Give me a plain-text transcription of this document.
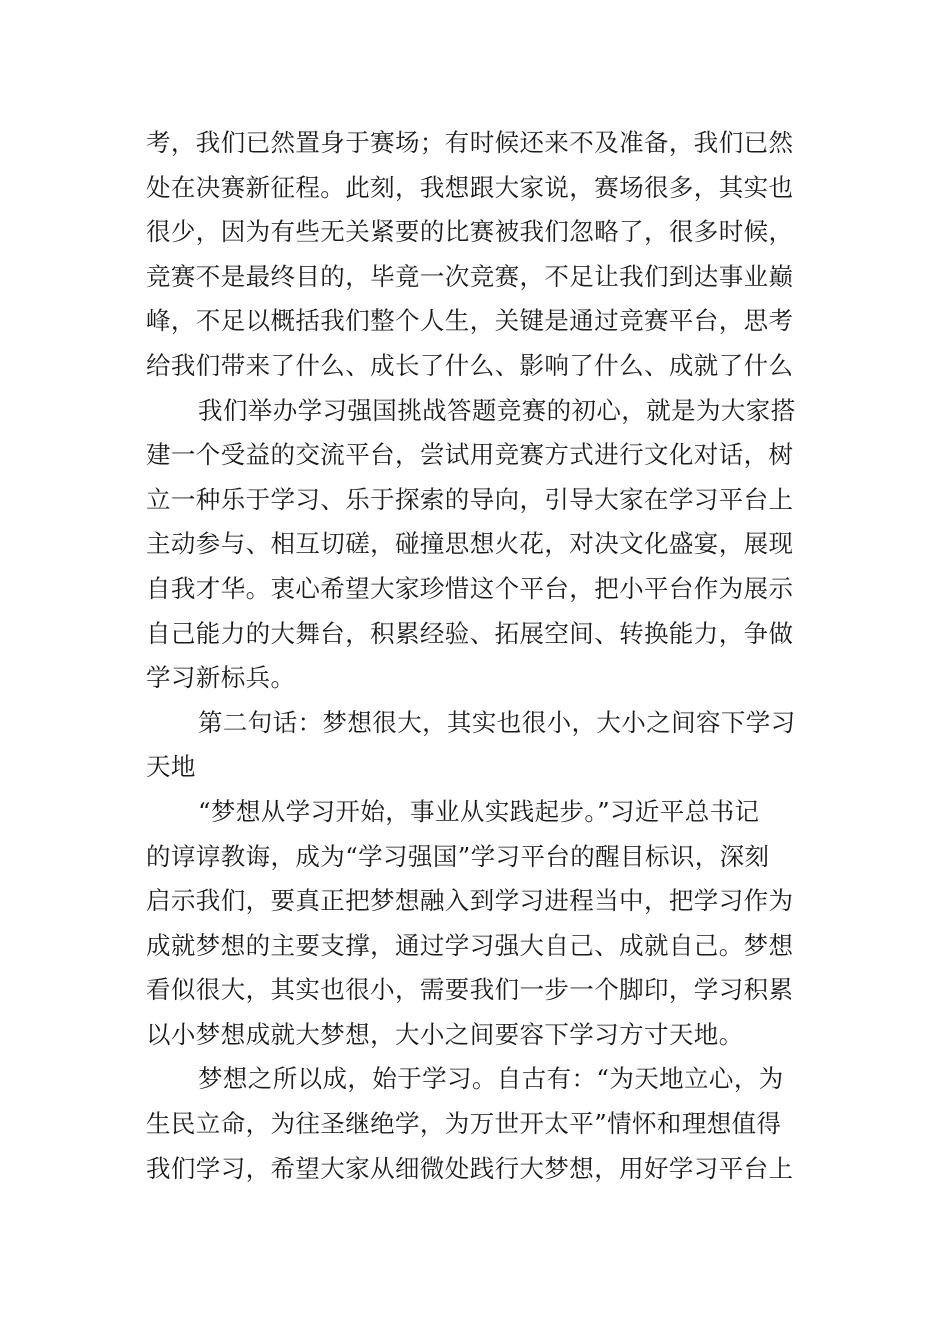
考，我们已然置身于赛场；有时候还来不及准备，我们已然
处在决赛新征程。此刻，我想跟大家说，赛场很多，其实也
很少，因为有些无关紧要的比赛被我们忽略了，很多时候，
竞赛不是最终目的，毕竟一次竞赛，不足让我们到达事业巅
峰，不足以概括我们整个人生，关键是通过竞赛平台，思考
给我们带来了什么、成长了什么、影响了什么、成就了什么
我们举办学习强国挑战答题竞赛的初心，就是为大家搭
建一个受益的交流平台，尝试用竞赛方式进行文化对话，树
立一种乐于学习、乐于探索的导向，引导大家在学习平台上
主动参与、相互切磋，碰撞思想火花，对决文化盛宴，展现
自我才华。衷心希望大家珍惜这个平台，把小平台作为展示
自己能力的大舞台，积累经验、拓展空间、转换能力，争做
学习新标兵。
第二句话：梦想很大，其实也很小，大小之间容下学习
天地
“梦想从学习开始，事业从实践起步。”习近平总书记
的谆谆教诲，成为“学习强国”学习平台的醒目标识，深刻
启示我们，要真正把梦想融入到学习进程当中，把学习作为
成就梦想的主要支撑，通过学习强大自己、成就自己。梦想
看似很大，其实也很小，需要我们一步一个脚印，学习积累
以小梦想成就大梦想，大小之间要容下学习方寸天地。
梦想之所以成，始于学习。自古有：“为天地立心，为
生民立命，为往圣继绝学，为万世开太平”情怀和理想值得
我们学习，希望大家从细微处践行大梦想，用好学习平台上
